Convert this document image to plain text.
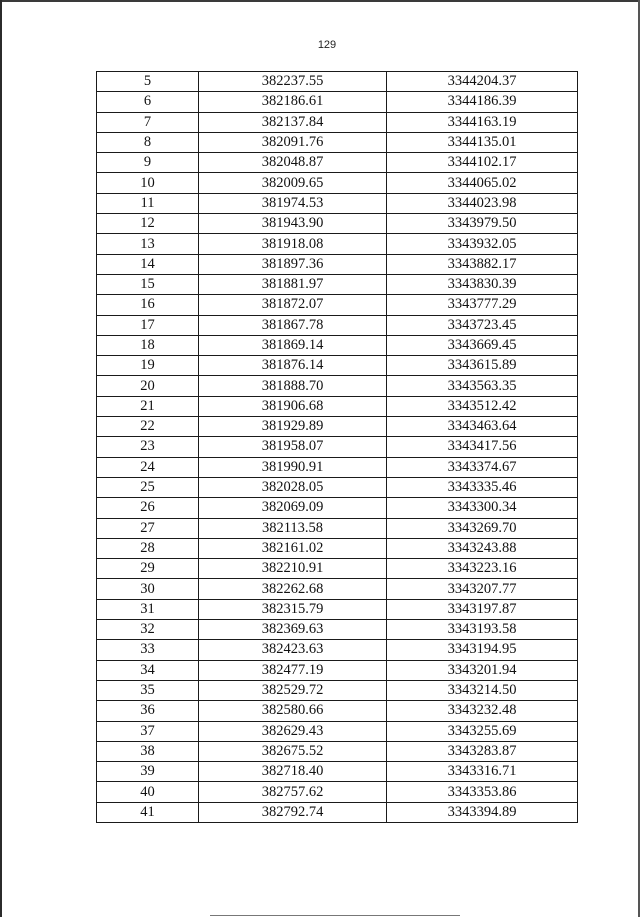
129
5	382237.55	3344204.37
6	382186.61	3344186.39
7	382137.84	3344163.19
8	382091.76	3344135.01
9	382048.87	3344102.17
10	382009.65	3344065.02
11	381974.53	3344023.98
12	381943.90	3343979.50
13	381918.08	3343932.05
14	381897.36	3343882.17
15	381881.97	3343830.39
16	381872.07	3343777.29
17	381867.78	3343723.45
18	381869.14	3343669.45
19	381876.14	3343615.89
20	381888.70	3343563.35
21	381906.68	3343512.42
22	381929.89	3343463.64
23	381958.07	3343417.56
24	381990.91	3343374.67
25	382028.05	3343335.46
26	382069.09	3343300.34
27	382113.58	3343269.70
28	382161.02	3343243.88
29	382210.91	3343223.16
30	382262.68	3343207.77
31	382315.79	3343197.87
32	382369.63	3343193.58
33	382423.63	3343194.95
34	382477.19	3343201.94
35	382529.72	3343214.50
36	382580.66	3343232.48
37	382629.43	3343255.69
38	382675.52	3343283.87
39	382718.40	3343316.71
40	382757.62	3343353.86
41	382792.74	3343394.89
